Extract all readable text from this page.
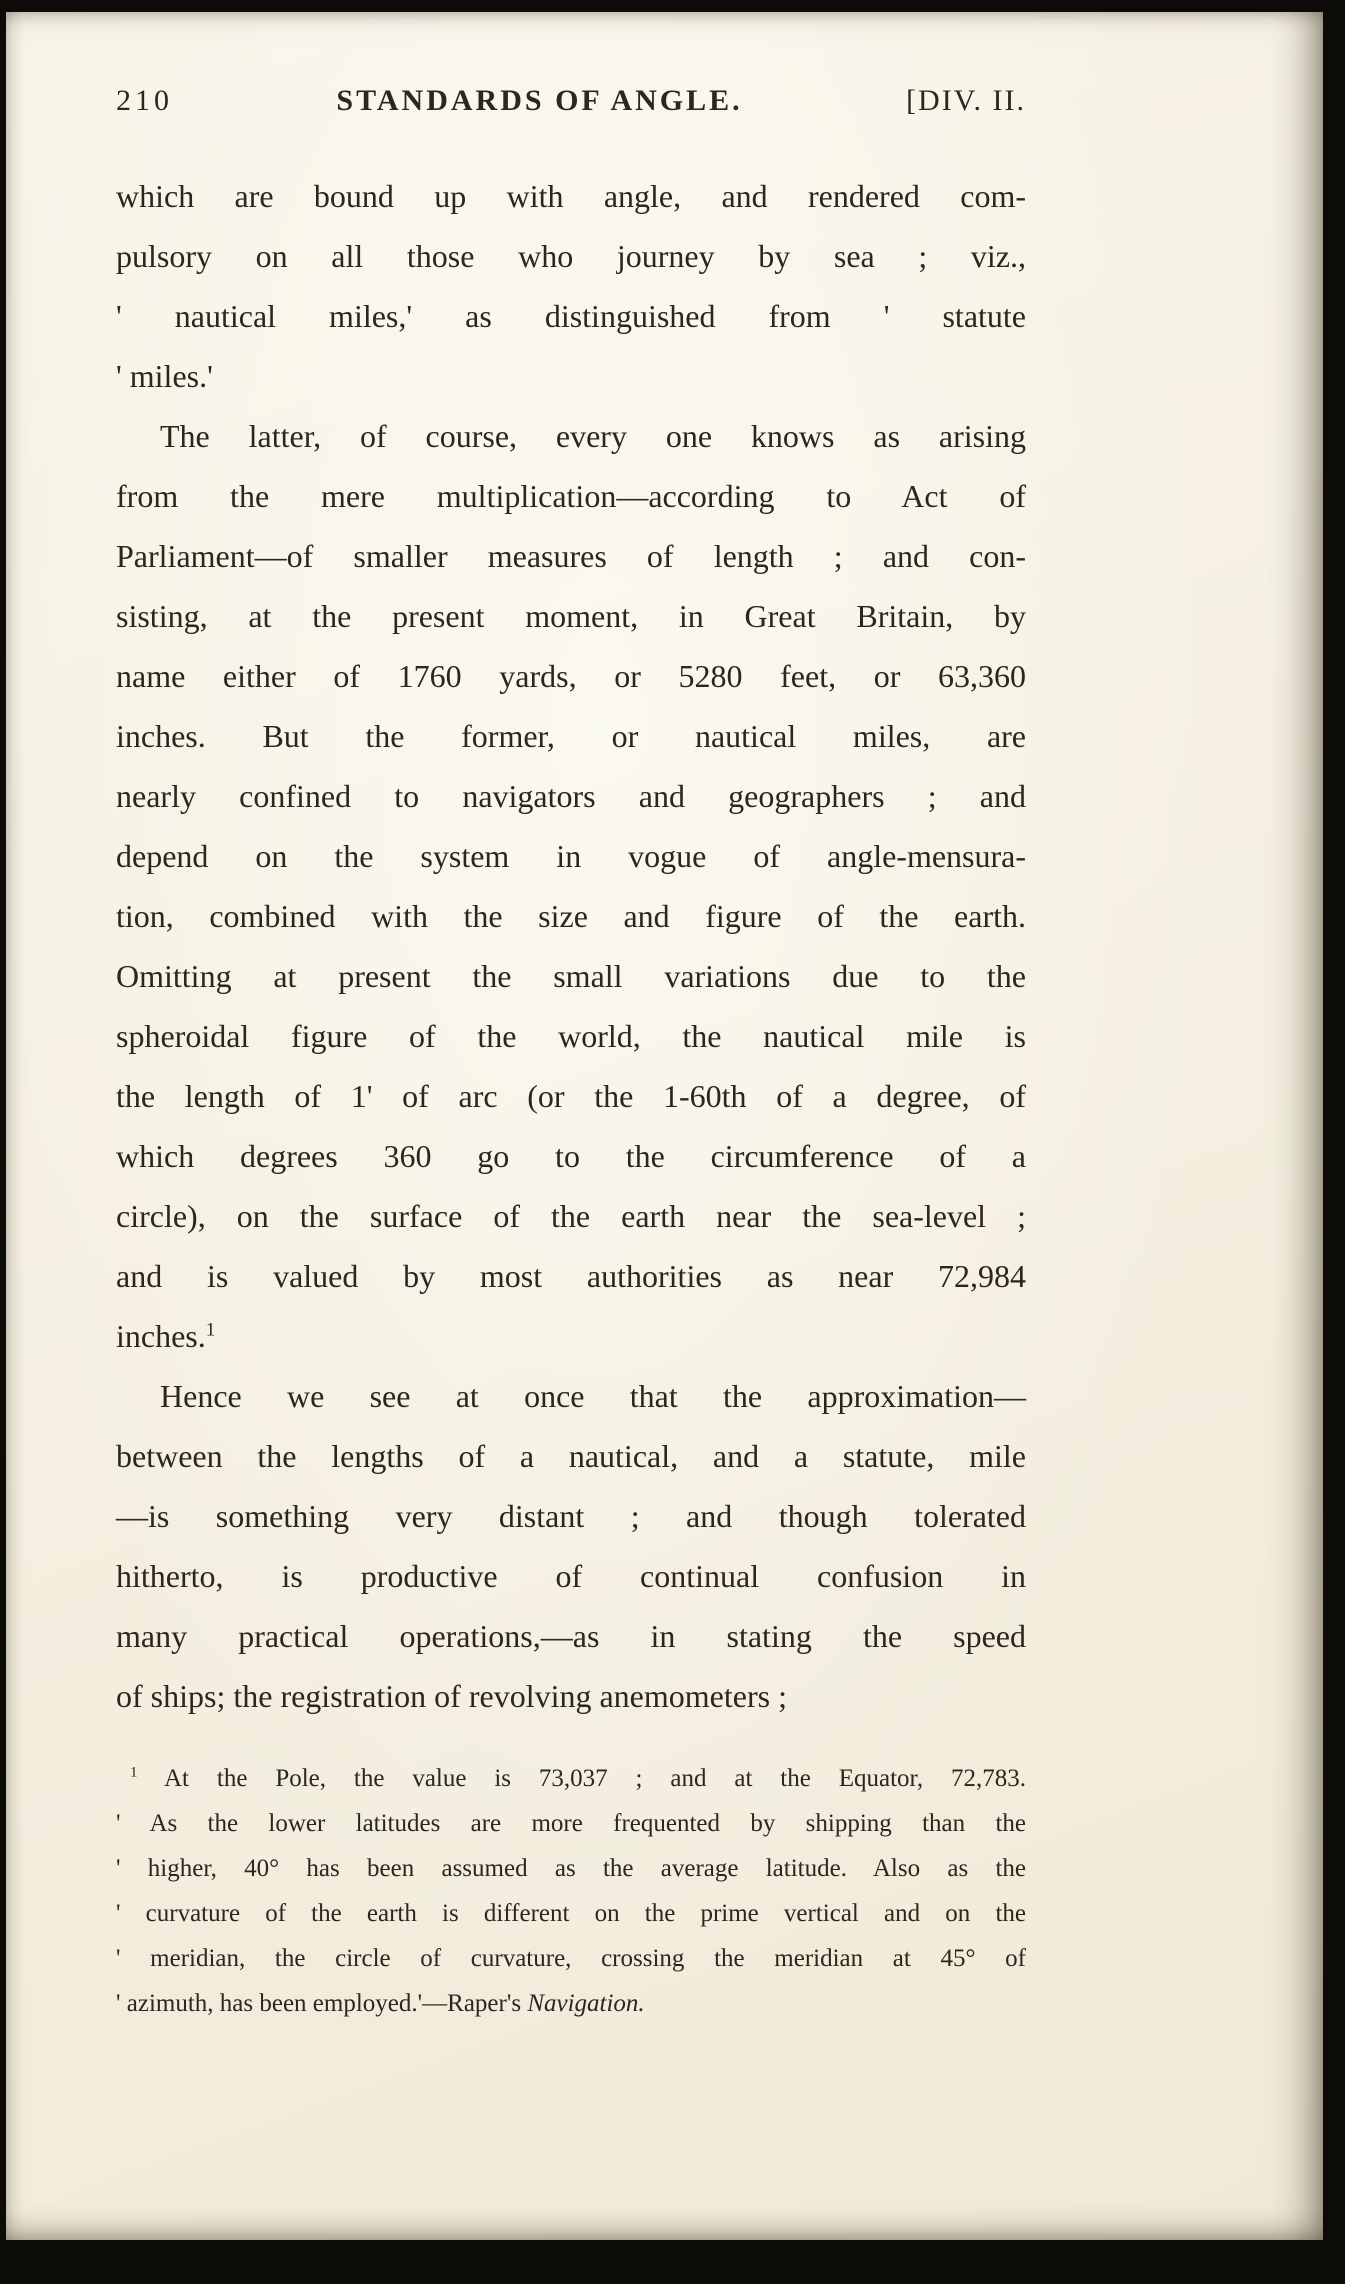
210	STANDARDS OF ANGLE.	[DIV. II.

which are bound up with angle, and rendered com-
pulsory on all those who journey by sea ; viz.,
' nautical miles,' as distinguished from ' statute
' miles.'

The latter, of course, every one knows as arising
from the mere multiplication—according to Act of
Parliament—of smaller measures of length ; and con-
sisting, at the present moment, in Great Britain, by
name either of 1760 yards, or 5280 feet, or 63,360
inches. But the former, or nautical miles, are
nearly confined to navigators and geographers ; and
depend on the system in vogue of angle-mensura-
tion, combined with the size and figure of the earth.
Omitting at present the small variations due to the
spheroidal figure of the world, the nautical mile is
the length of 1' of arc (or the 1-60th of a degree, of
which degrees 360 go to the circumference of a
circle), on the surface of the earth near the sea-level ;
and is valued by most authorities as near 72,984
inches.$^1$

Hence we see at once that the approximation—
between the lengths of a nautical, and a statute, mile
—is something very distant ; and though tolerated
hitherto, is productive of continual confusion in
many practical operations,—as in stating the speed
of ships; the registration of revolving anemometers ;

$^1$ At the Pole, the value is 73,037 ; and at the Equator, 72,783.
' As the lower latitudes are more frequented by shipping than the
' higher, 40° has been assumed as the average latitude. Also as the
' curvature of the earth is different on the prime vertical and on the
' meridian, the circle of curvature, crossing the meridian at 45° of
' azimuth, has been employed.'—Raper's Navigation.
